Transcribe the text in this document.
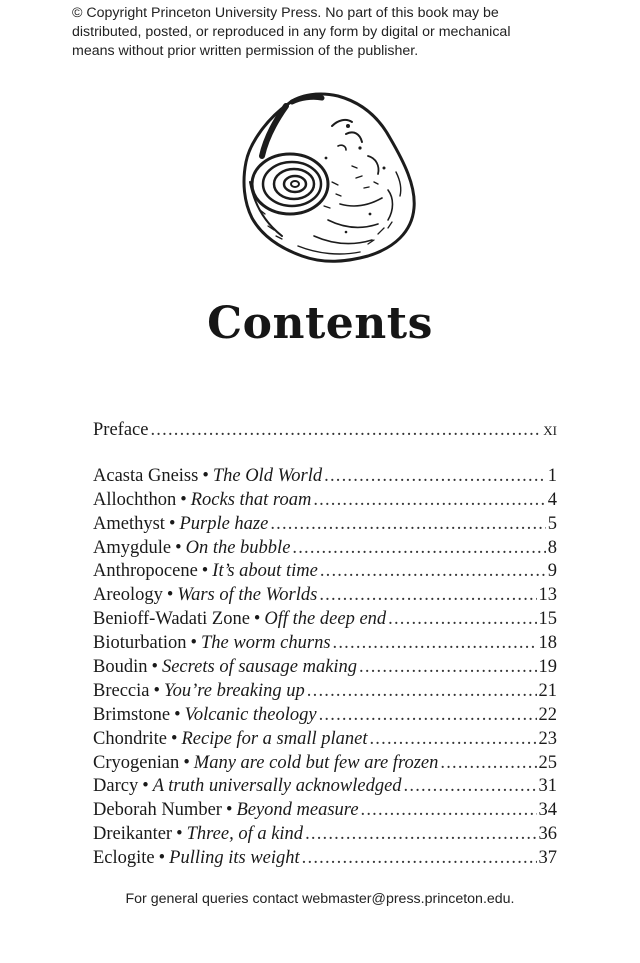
© Copyright Princeton University Press. No part of this book may be
distributed, posted, or reproduced in any form by digital or mechanical
means without prior written permission of the publisher.
Contents
Preface .....	xi
Acasta Gneiss • The Old World .....	1
Allochthon • Rocks that roam .....	4
Amethyst • Purple haze .....	5
Amygdule • On the bubble .....	8
Anthropocene • It’s about time .....	9
Areology • Wars of the Worlds .....	13
Benioff-Wadati Zone • Off the deep end .....	15
Bioturbation • The worm churns .....	18
Boudin • Secrets of sausage making .....	19
Breccia • You’re breaking up .....	21
Brimstone • Volcanic theology .....	22
Chondrite • Recipe for a small planet .....	23
Cryogenian • Many are cold but few are frozen .....	25
Darcy • A truth universally acknowledged .....	31
Deborah Number • Beyond measure .....	34
Dreikanter • Three, of a kind .....	36
Eclogite • Pulling its weight .....	37
For general queries contact webmaster@press.princeton.edu.
